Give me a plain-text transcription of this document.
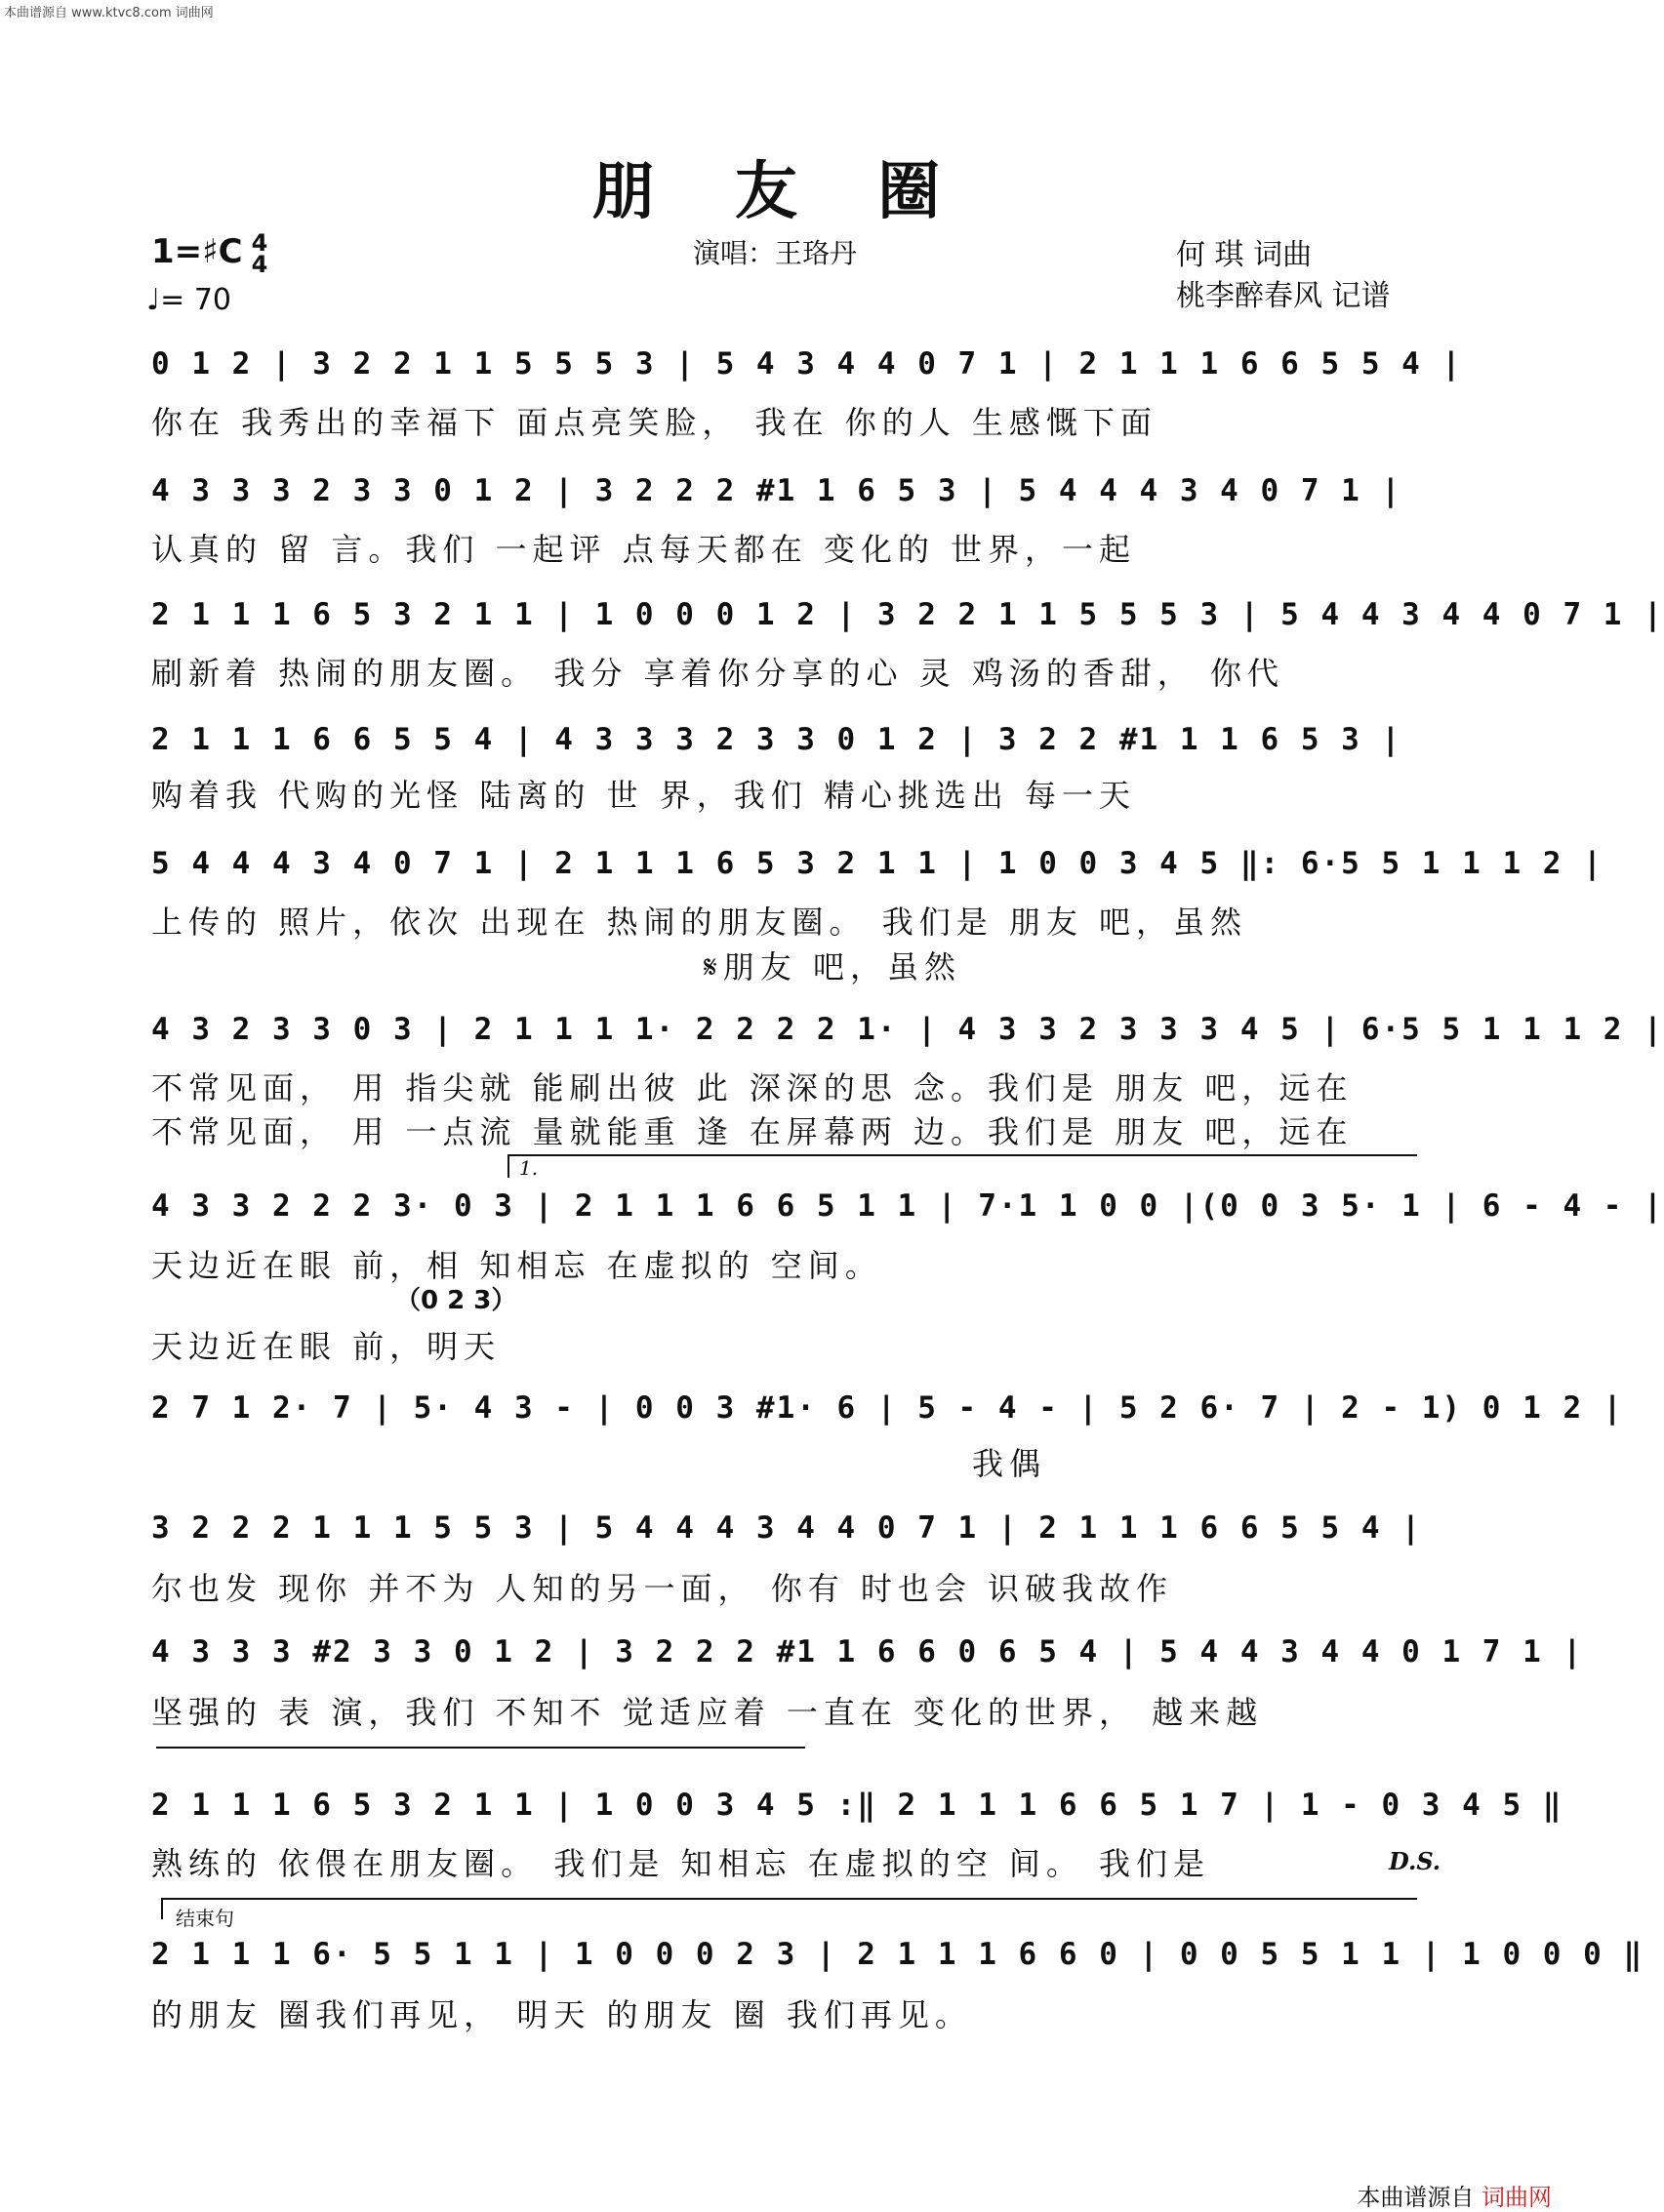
本曲谱源自 www.ktvc8.com 词曲网
朋 友 圈
1=♯C 4
4
♩= 70
演唱：王珞丹	何 琪 词曲
桃李醉春风 记谱
0 1 2 | 3 2 2 1 1 5 5 5 3 | 5 4 3 4 4 0 7 1 | 2 1 1 1 6 6 5 5 4 |
你在 我秀出的幸福下 面点亮笑脸， 我在 你的人 生感慨下面
4 3 3 3 2 3 3 0 1 2 | 3 2 2 2 #1 1 6 5 3 | 5 4 4 4 3 4 0 7 1 |
认真的 留 言。我们 一起评 点每天都在 变化的 世界，一起
2 1 1 1 6 5 3 2 1 1 | 1 0 0 0 1 2 | 3 2 2 1 1 5 5 5 3 | 5 4 4 3 4 4 0 7 1 |
刷新着 热闹的朋友圈。 我分 享着你分享的心 灵 鸡汤的香甜， 你代
2 1 1 1 6 6 5 5 4 | 4 3 3 3 2 3 3 0 1 2 | 3 2 2 #1 1 1 6 5 3 |
购着我 代购的光怪 陆离的 世 界，我们 精心挑选出 每一天
5 4 4 4 3 4 0 7 1 | 2 1 1 1 6 5 3 2 1 1 | 1 0 0 3 4 5 ‖: 6·5 5 1 1 1 2 |
上传的 照片，依次 出现在 热闹的朋友圈。 我们是 朋友 吧，虽然
𝄋朋友 吧，虽然
4 3 2 3 3 0 3 | 2 1 1 1 1· 2 2 2 2 1· | 4 3 3 2 3 3 3 4 5 | 6·5 5 1 1 1 2 |
不常见面， 用 指尖就 能刷出彼 此 深深的思 念。我们是 朋友 吧，远在
不常见面， 用 一点流 量就能重 逢 在屏幕两 边。我们是 朋友 吧，远在
1.
4 3 3 2 2 2 3· 0 3 | 2 1 1 1 6 6 5 1 1 | 7·1 1 0 0 |(0 0 3 5· 1 | 6 - 4 - |
天边近在眼 前，相 知相忘 在虚拟的 空间。
（0 2 3）
天边近在眼 前，明天
2 7 1 2· 7 | 5· 4 3 - | 0 0 3 #1· 6 | 5 - 4 - | 5 2 6· 7 | 2 - 1) 0 1 2 |
我偶
3 2 2 2 1 1 1 5 5 3 | 5 4 4 4 3 4 4 0 7 1 | 2 1 1 1 6 6 5 5 4 |
尔也发 现你 并不为 人知的另一面， 你有 时也会 识破我故作
4 3 3 3 #2 3 3 0 1 2 | 3 2 2 2 #1 1 6 6 0 6 5 4 | 5 4 4 3 4 4 0 1 7 1 |
坚强的 表 演，我们 不知不 觉适应着 一直在 变化的世界， 越来越
2 1 1 1 6 5 3 2 1 1 | 1 0 0 3 4 5 :‖ 2 1 1 1 6 6 5 1 7 | 1 - 0 3 4 5 ‖
熟练的 依偎在朋友圈。 我们是 知相忘 在虚拟的空 间。 我们是	D.S.
结束句
2 1 1 1 6· 5 5 1 1 | 1 0 0 0 2 3 | 2 1 1 1 6 6 0 | 0 0 5 5 1 1 | 1 0 0 0 ‖
的朋友 圈我们再见， 明天 的朋友 圈 我们再见。
本曲谱源自 词曲网
